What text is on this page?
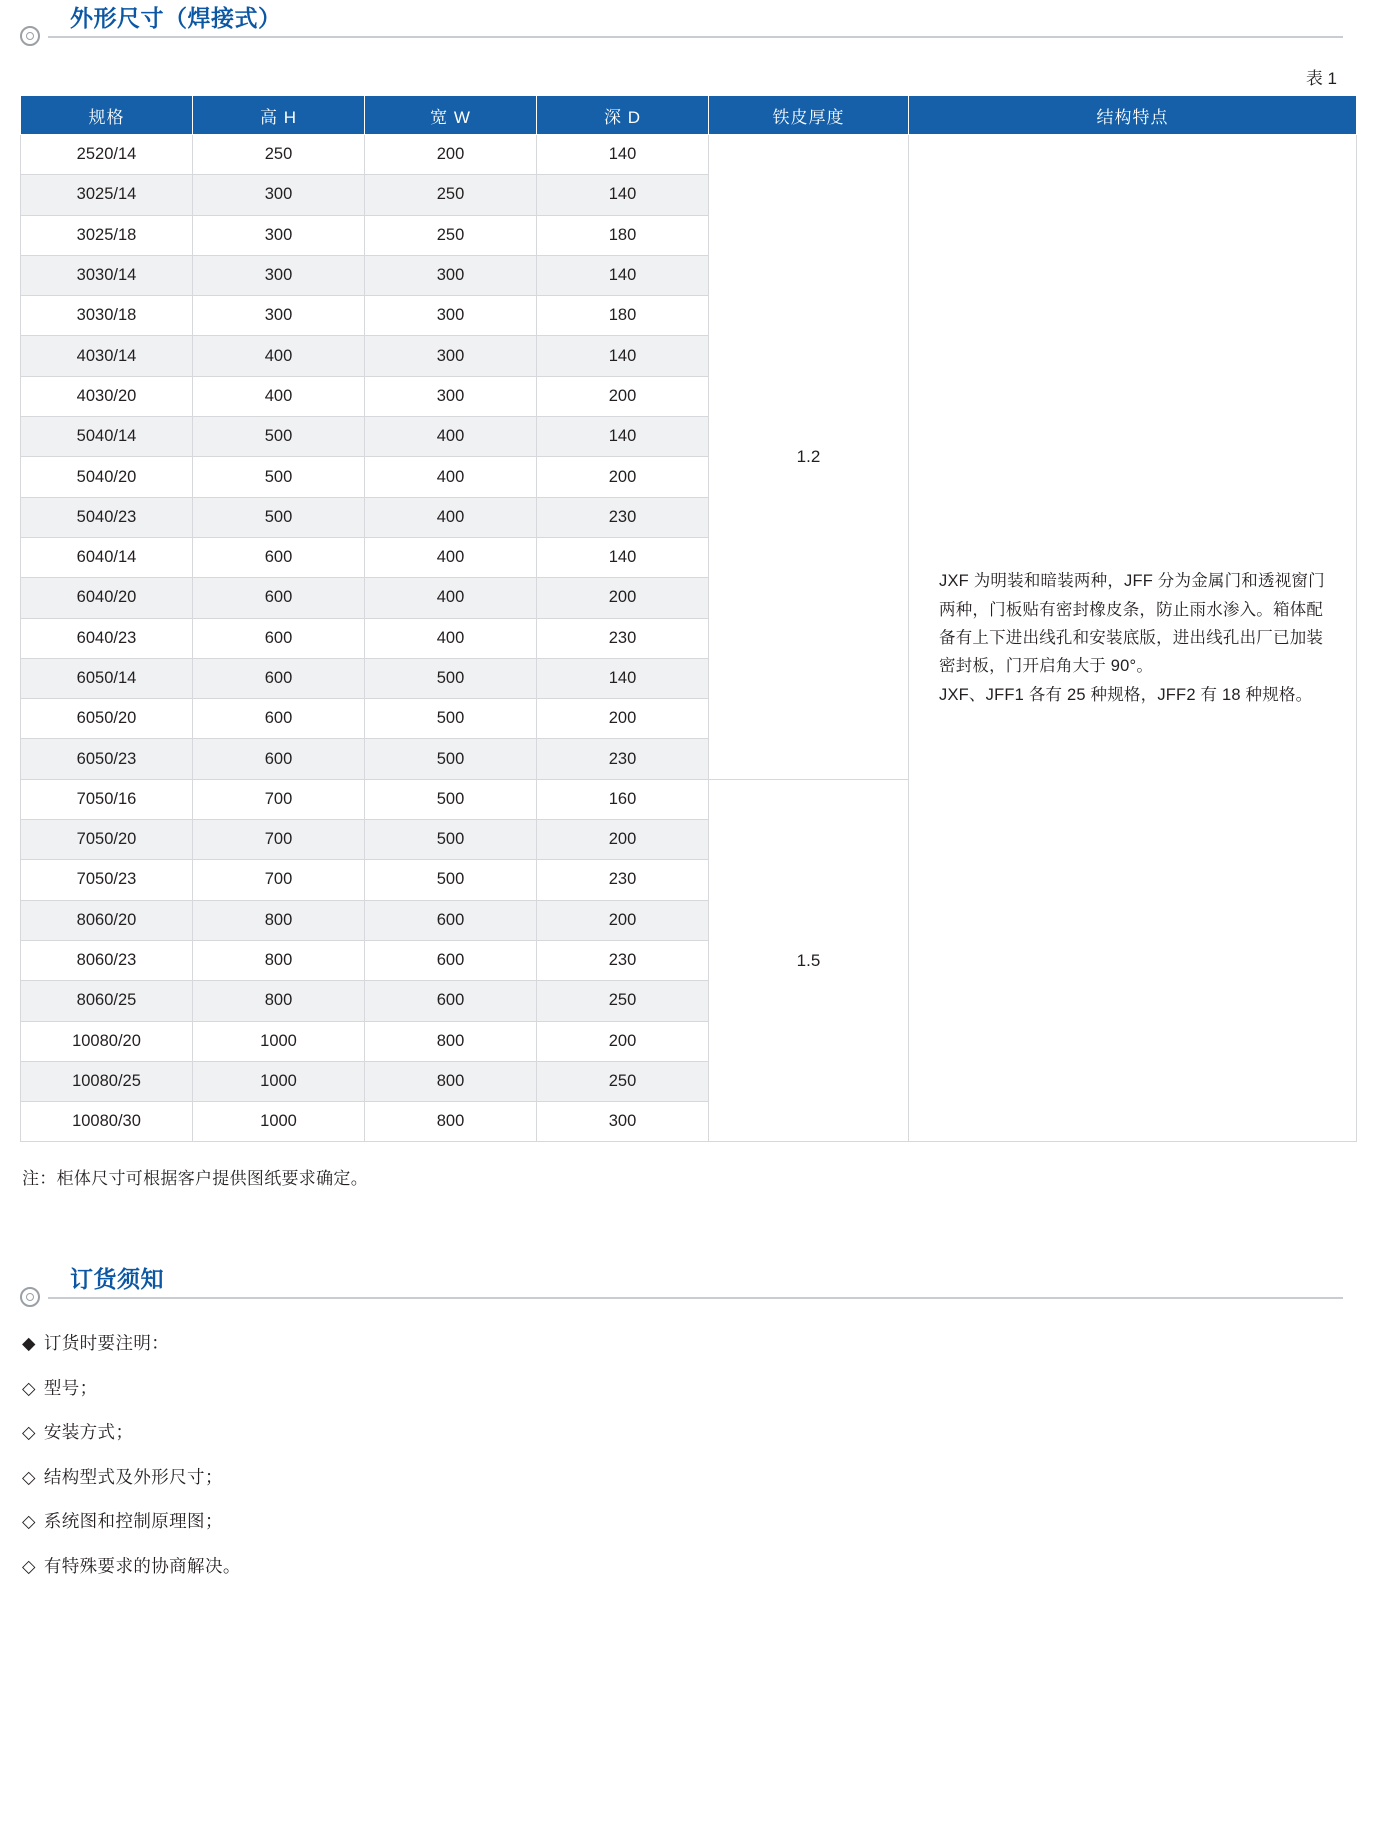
外形尺寸（焊接式）
表 1
规格	高 H	宽 W	深 D	铁皮厚度	结构特点
2520/14	250	200	140	1.2	JXF 为明装和暗装两种，JFF 分为金属门和透视窗门两种，门板贴有密封橡皮条，防止雨水渗入。箱体配备有上下进出线孔和安装底版，进出线孔出厂已加装密封板，门开启角大于 90°。
JXF、JFF1 各有 25 种规格，JFF2 有 18 种规格。

3025/14	300	250	140		
3025/18	300	250	180		
3030/14	300	300	140		
3030/18	300	300	180		
4030/14	400	300	140		
4030/20	400	300	200		
5040/14	500	400	140		
5040/20	500	400	200		
5040/23	500	400	230		
6040/14	600	400	140		
6040/20	600	400	200		
6040/23	600	400	230		
6050/14	600	500	140		
6050/20	600	500	200		
6050/23	600	500	230		
7050/16	700	500	160	1.5	
7050/20	700	500	200		
7050/23	700	500	230		
8060/20	800	600	200		
8060/23	800	600	230		
8060/25	800	600	250		
10080/20	1000	800	200		
10080/25	1000	800	250		
10080/30	1000	800	300		
注：柜体尺寸可根据客户提供图纸要求确定。
订货须知
◆ 订货时要注明：
◇ 型号；
◇ 安装方式；
◇ 结构型式及外形尺寸；
◇ 系统图和控制原理图；
◇ 有特殊要求的协商解决。
